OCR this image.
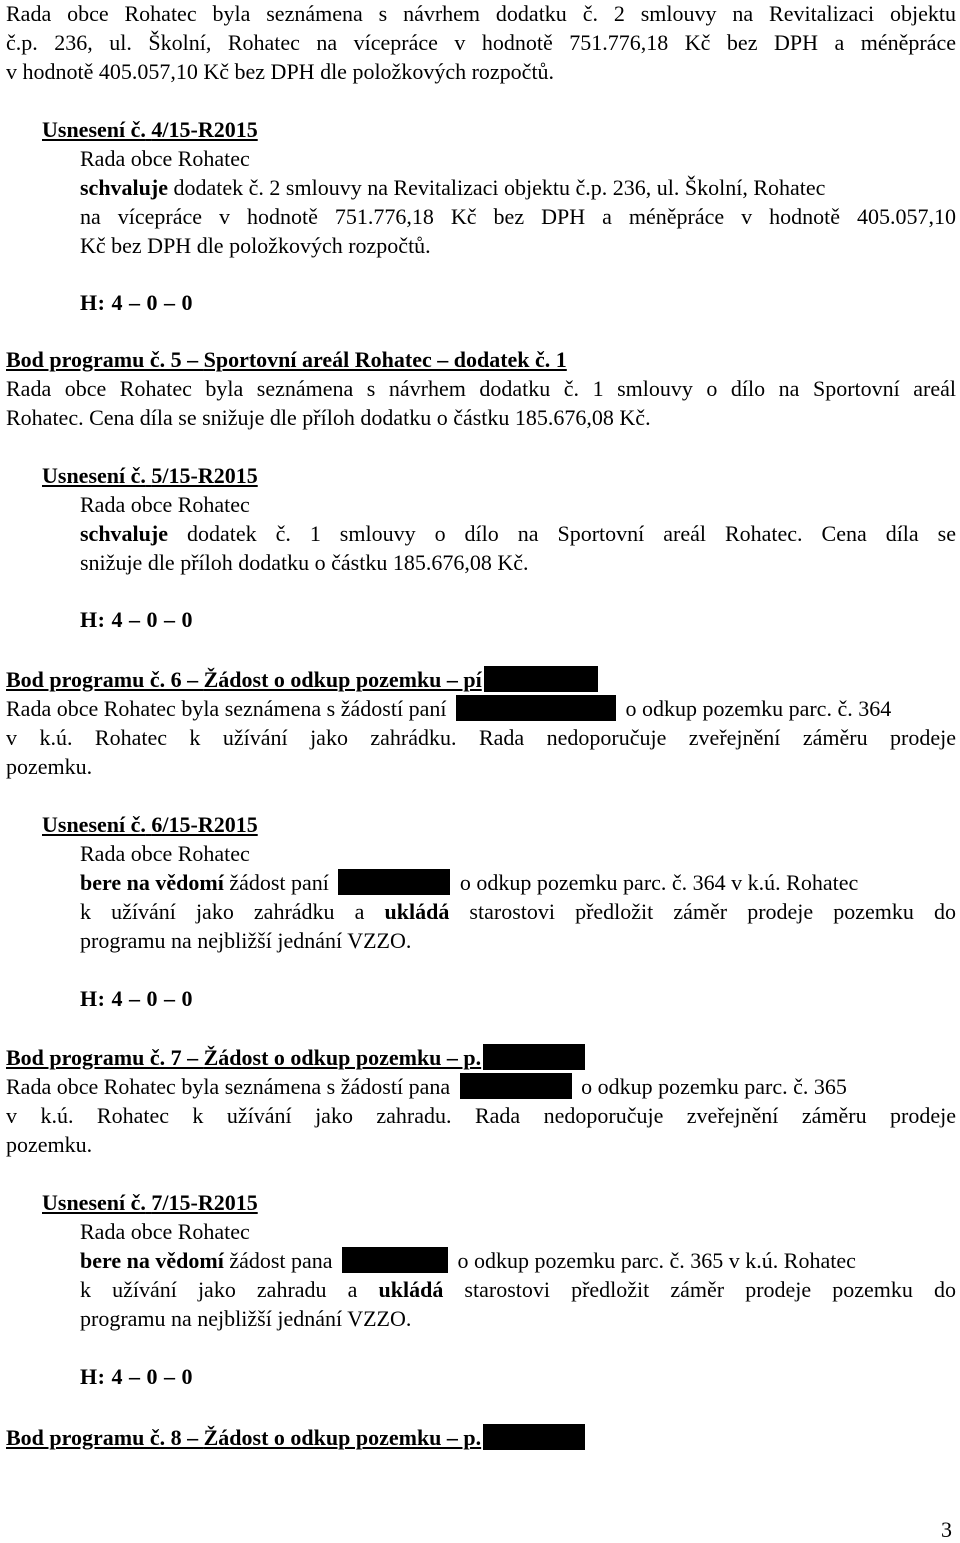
Rada obce Rohatec byla seznámena s návrhem dodatku č. 2 smlouvy na Revitalizaci objektu
č.p. 236, ul. Školní, Rohatec na vícepráce v hodnotě 751.776,18 Kč bez DPH a méněpráce
v hodnotě 405.057,10 Kč bez DPH dle položkových rozpočtů.
Usnesení č. 4/15-R2015
Rada obce Rohatec
schvaluje dodatek č. 2 smlouvy na Revitalizaci objektu č.p. 236, ul. Školní, Rohatec
na vícepráce v hodnotě 751.776,18 Kč bez DPH a méněpráce v hodnotě 405.057,10
Kč bez DPH dle položkových rozpočtů.
H: 4 – 0 – 0
Bod programu č. 5 – Sportovní areál Rohatec – dodatek č. 1
Rada obce Rohatec byla seznámena s návrhem dodatku č. 1 smlouvy o dílo na Sportovní areál
Rohatec. Cena díla se snižuje dle příloh dodatku o částku 185.676,08 Kč.
Usnesení č. 5/15-R2015
Rada obce Rohatec
schvaluje dodatek č. 1 smlouvy o dílo na Sportovní areál Rohatec. Cena díla se
snižuje dle příloh dodatku o částku 185.676,08 Kč.
H: 4 – 0 – 0
Bod programu č. 6 – Žádost o odkup pozemku – pí
Rada obce Rohatec byla seznámena s žádostí paní	o odkup pozemku parc. č. 364
v k.ú. Rohatec k užívání jako zahrádku. Rada nedoporučuje zveřejnění záměru prodeje
pozemku.
Usnesení č. 6/15-R2015
Rada obce Rohatec
bere na vědomí žádost paní	o odkup pozemku parc. č. 364 v k.ú. Rohatec
k užívání jako zahrádku a ukládá starostovi předložit záměr prodeje pozemku do
programu na nejbližší jednání VZZO.
H: 4 – 0 – 0
Bod programu č. 7 – Žádost o odkup pozemku – p.
Rada obce Rohatec byla seznámena s žádostí pana	o odkup pozemku parc. č. 365
v k.ú. Rohatec k užívání jako zahradu. Rada nedoporučuje zveřejnění záměru prodeje
pozemku.
Usnesení č. 7/15-R2015
Rada obce Rohatec
bere na vědomí žádost pana	o odkup pozemku parc. č. 365 v k.ú. Rohatec
k užívání jako zahradu a ukládá starostovi předložit záměr prodeje pozemku do
programu na nejbližší jednání VZZO.
H: 4 – 0 – 0
Bod programu č. 8 – Žádost o odkup pozemku – p.
3
